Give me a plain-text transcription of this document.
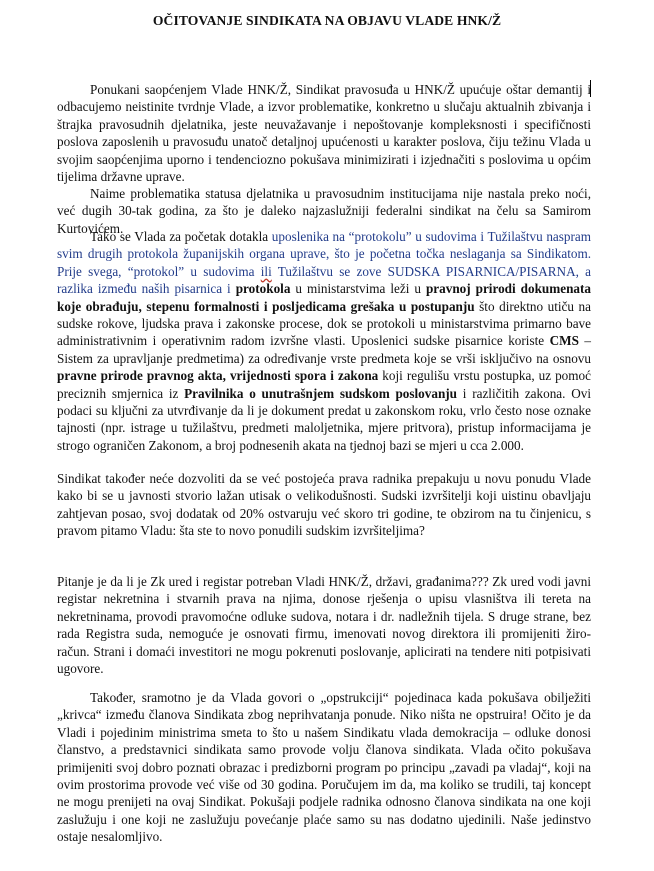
OČITOVANJE SINDIKATA NA OBJAVU VLADE HNK/Ž

Ponukani saopćenjem Vlade HNK/Ž, Sindikat pravosuđa u HNK/Ž upućuje oštar demantij i odbacujemo neistinite tvrdnje Vlade, a izvor problematike, konkretno u slučaju aktualnih zbivanja i štrajka pravosudnih djelatnika, jeste neuvažavanje i nepoštovanje kompleksnosti i specifičnosti poslova zaposlenih u pravosuđu unatoč detaljnoj upućenosti u karakter poslova, čiju težinu Vlada u svojim saopćenjima uporno i tendenciozno pokušava minimizirati i izjednačiti s poslovima u općim tijelima državne uprave.

Naime problematika statusa djelatnika u pravosudnim institucijama nije nastala preko noći, već dugih 30-tak godina, za što je daleko najzaslužniji federalni sindikat na čelu sa Samirom Kurtovićem.

Tako se Vlada za početak dotakla uposlenika na “protokolu” u sudovima i Tužilaštvu naspram svim drugih protokola županijskih organa uprave, što je početna točka neslaganja sa Sindikatom. Prije svega, “protokol” u sudovima ili Tužilaštvu se zove SUDSKA PISARNICA/PISARNA, a razlika između naših pisarnica i protokola u ministarstvima leži u pravnoj prirodi dokumenata koje obrađuju, stepenu formalnosti i posljedicama grešaka u postupanju što direktno utiču na sudske rokove, ljudska prava i zakonske procese, dok se protokoli u ministarstvima primarno bave administrativnim i operativnim radom izvršne vlasti. Uposlenici sudske pisarnice koriste CMS – Sistem za upravljanje predmetima) za određivanje vrste predmeta koje se vrši isključivo na osnovu pravne prirode pravnog akta, vrijednosti spora i zakona koji regulišu vrstu postupka, uz pomoć preciznih smjernica iz Pravilnika o unutrašnjem sudskom poslovanju i različitih zakona. Ovi podaci su ključni za utvrđivanje da li je dokument predat u zakonskom roku, vrlo često nose oznake tajnosti (npr. istrage u tužilaštvu, predmeti maloljetnika, mjere pritvora), pristup informacijama je strogo ograničen Zakonom, a broj podnesenih akata na tjednoj bazi se mjeri u cca 2.000.

Sindikat također neće dozvoliti da se već postojeća prava radnika prepakuju u novu ponudu Vlade kako bi se u javnosti stvorio lažan utisak o velikodušnosti. Sudski izvršitelji koji uistinu obavljaju zahtjevan posao, svoj dodatak od 20% ostvaruju već skoro tri godine, te obzirom na tu činjenicu, s pravom pitamo Vladu: šta ste to novo ponudili sudskim izvršiteljima?

Pitanje je da li je Zk ured i registar potreban Vladi HNK/Ž, državi, građanima??? Zk ured vodi javni registar nekretnina i stvarnih prava na njima, donose rješenja o upisu vlasništva ili tereta na nekretninama, provodi pravomoćne odluke sudova, notara i dr. nadležnih tijela. S druge strane, bez rada Registra suda, nemoguće je osnovati firmu, imenovati novog direktora ili promijeniti žiro-račun. Strani i domaći investitori ne mogu pokrenuti poslovanje, aplicirati na tendere niti potpisivati ugovore.

Također, sramotno je da Vlada govori o „opstrukciji“ pojedinaca kada pokušava obilježiti „krivca“ između članova Sindikata zbog neprihvatanja ponude. Niko ništa ne opstruira! Očito je da Vladi i pojedinim ministrima smeta to što u našem Sindikatu vlada demokracija – odluke donosi članstvo, a predstavnici sindikata samo provode volju članova sindikata. Vlada očito pokušava primijeniti svoj dobro poznati obrazac i predizborni program po principu „zavadi pa vladaj“, koji na ovim prostorima provode već više od 30 godina. Poručujem im da, ma koliko se trudili, taj koncept ne mogu prenijeti na ovaj Sindikat. Pokušaji podjele radnika odnosno članova sindikata na one koji zaslužuju i one koji ne zaslužuju povećanje plaće samo su nas dodatno ujedinili. Naše jedinstvo ostaje nesalomljivo.
